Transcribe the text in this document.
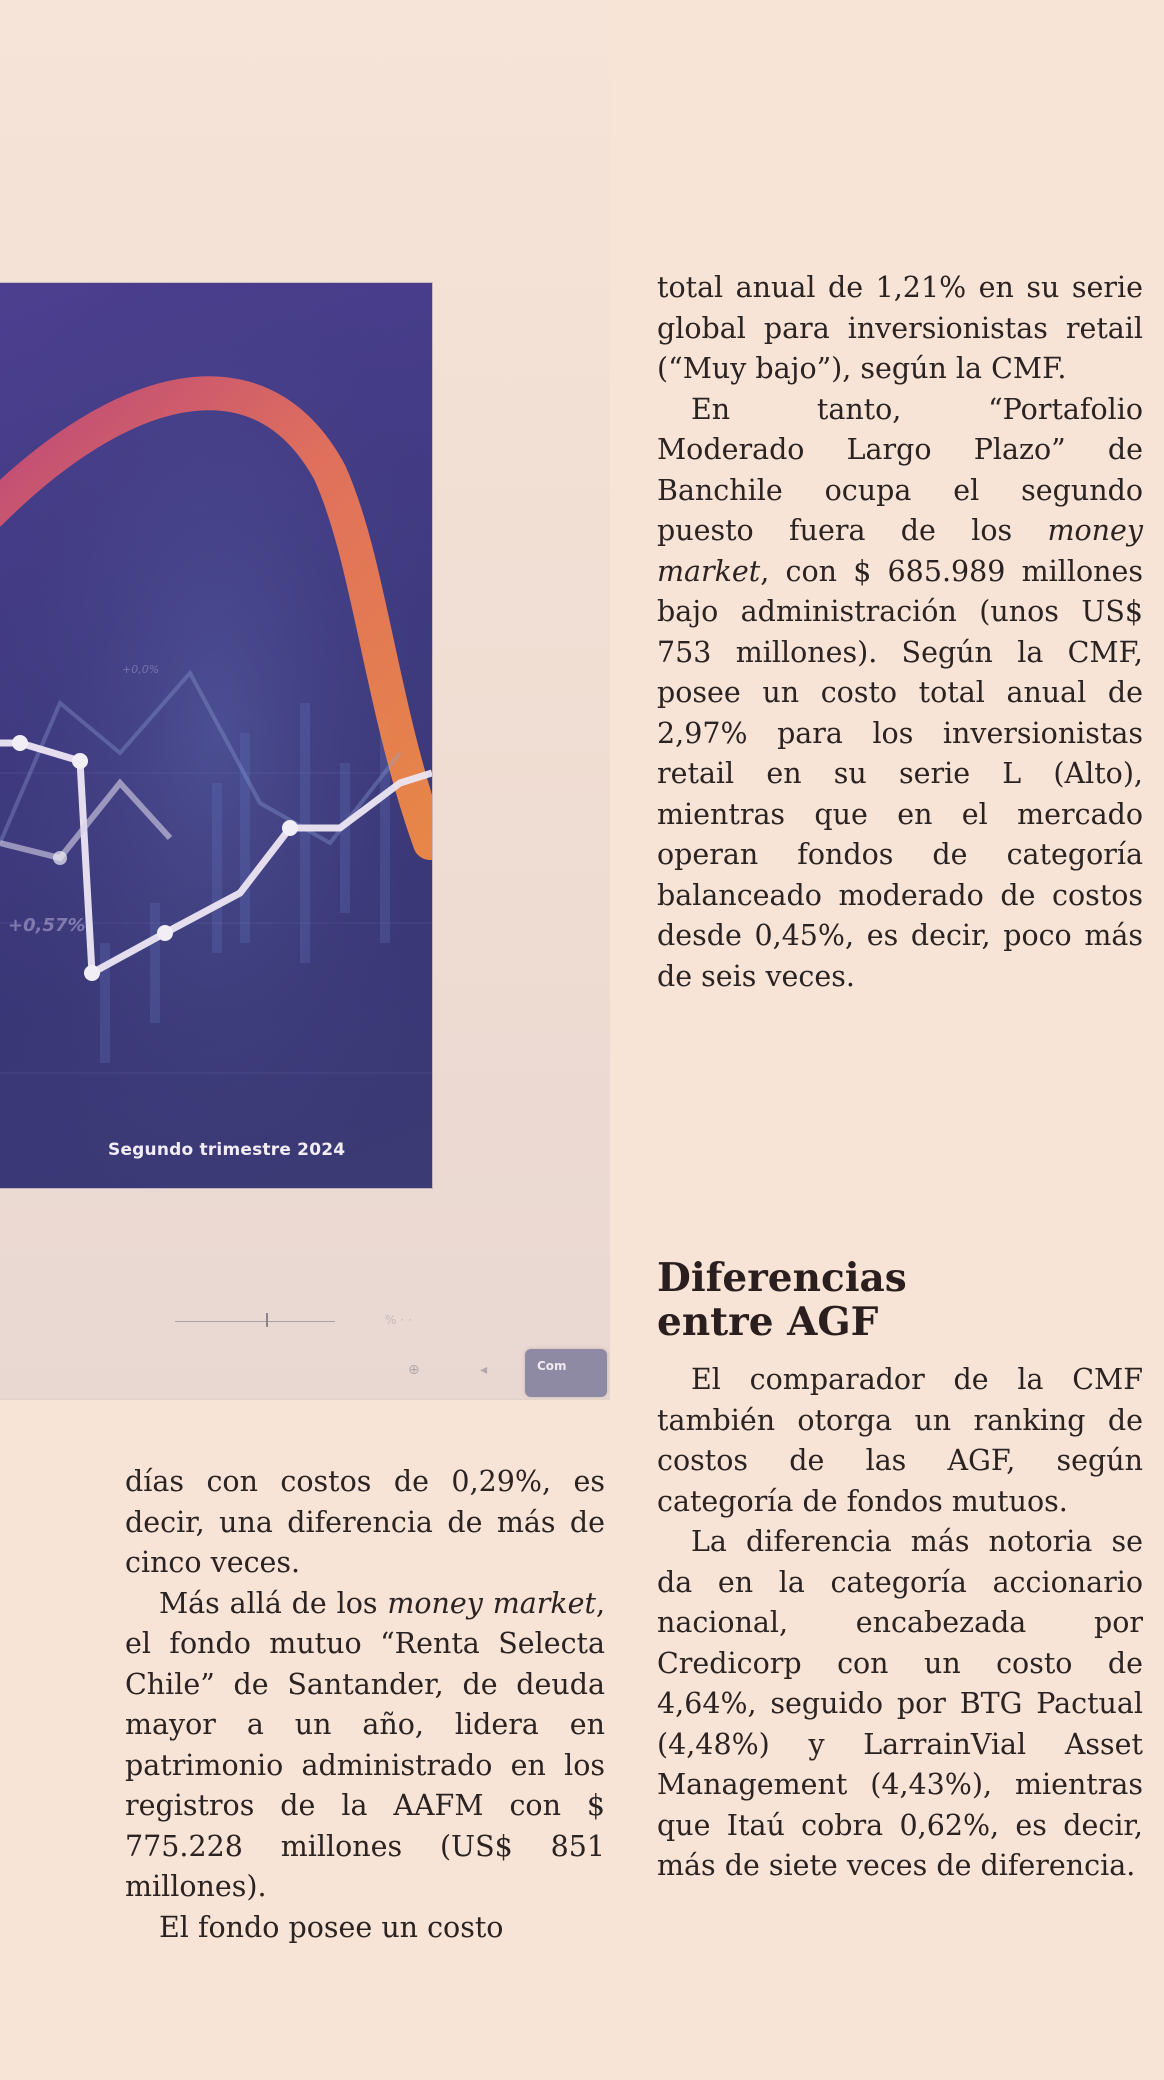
+0,57%
+0,0%
Segundo trimestre 2024
% · ·
⊕ ◂ Com

total anual de 1,21% en su serie global para inversionistas retail (“Muy bajo”), según la CMF.

En tanto, “Portafolio Moderado Largo Plazo” de Banchile ocupa el segundo puesto fuera de los money market, con $ 685.989 millones bajo administración (unos US$ 753 millones). Según la CMF, posee un costo total anual de 2,97% para los inversionistas retail en su serie L (Alto), mientras que en el mercado operan fondos de categoría balanceado moderado de costos desde 0,45%, es decir, poco más de seis veces.

Diferencias
entre AGF

El comparador de la CMF también otorga un ranking de costos de las AGF, según categoría de fondos mutuos.

La diferencia más notoria se da en la categoría accionario nacional, encabezada por Credicorp con un costo de 4,64%, seguido por BTG Pactual (4,48%) y LarrainVial Asset Management (4,43%), mientras que Itaú cobra 0,62%, es decir, más de siete veces de diferencia.

días con costos de 0,29%, es decir, una diferencia de más de cinco veces.

Más allá de los money market, el fondo mutuo “Renta Selecta Chile” de Santander, de deuda mayor a un año, lidera en patrimonio administrado en los registros de la AAFM con $ 775.228 millones (US$ 851 millones).

El fondo posee un costo
